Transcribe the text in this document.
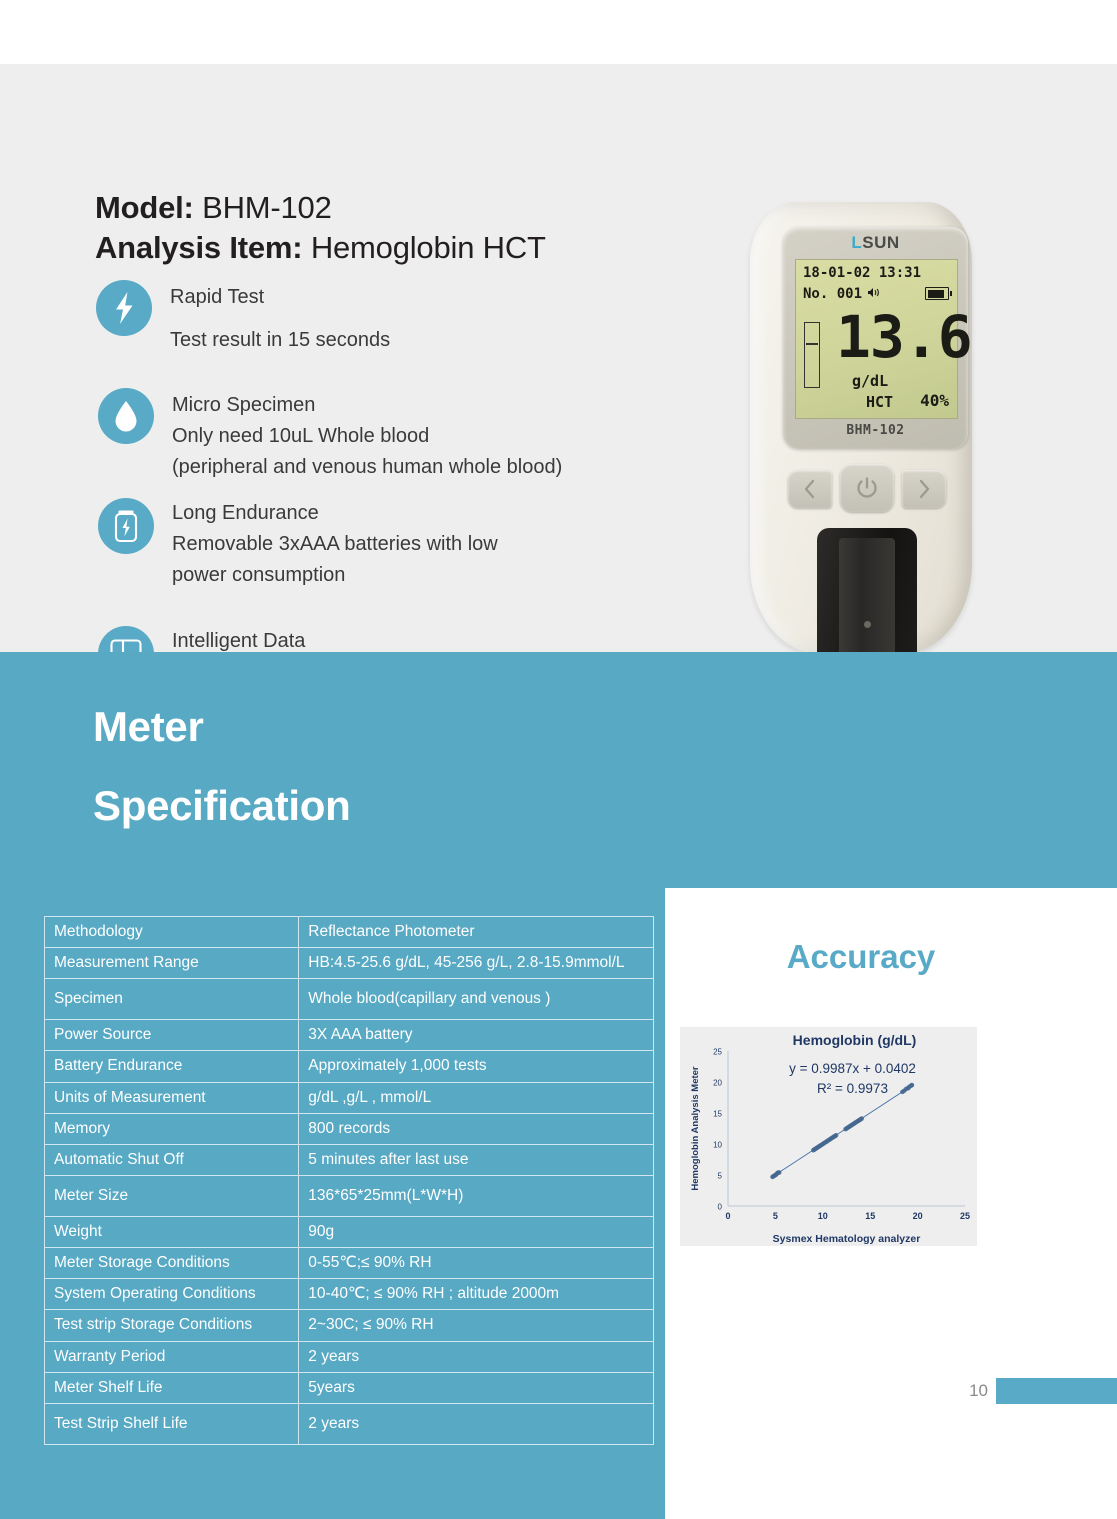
Model: BHM-102
Analysis Item: Hemoglobin HCT
Rapid Test
Test result in 15 seconds
Micro Specimen
Only need 10uL Whole blood
(peripheral and venous human whole blood)
Long Endurance
Removable 3xAAA batteries with low
power consumption
Intelligent Data
LSUN
18-01-02 13:31
No. 001
13.6
g/dL
HCT 40%
BHM-102
Meter
Specification
Methodology	Reflectance Photometer
Measurement Range	HB:4.5-25.6 g/dL, 45-256 g/L, 2.8-15.9mmol/L
Specimen	Whole blood(capillary and venous )
Power Source	3X AAA battery
Battery Endurance	Approximately 1,000 tests
Units of Measurement	g/dL ,g/L , mmol/L
Memory	800 records
Automatic Shut Off	5 minutes after last use
Meter Size	136*65*25mm(L*W*H)
Weight	90g
Meter Storage Conditions	0-55℃;≤ 90% RH
System Operating Conditions	10-40℃; ≤ 90% RH ; altitude 2000m
Test strip Storage Conditions	2~30C; ≤ 90% RH
Warranty Period	2 years
Meter Shelf Life	5years
Test Strip Shelf Life	2 years
Accuracy
0
5
10
15
20
25
0	5	10	15	20	25
Hemoglobin (g/dL)
y = 0.9987x + 0.0402
R² = 0.9973
Sysmex Hematology analyzer
Hemoglobin Analysis Meter
10
